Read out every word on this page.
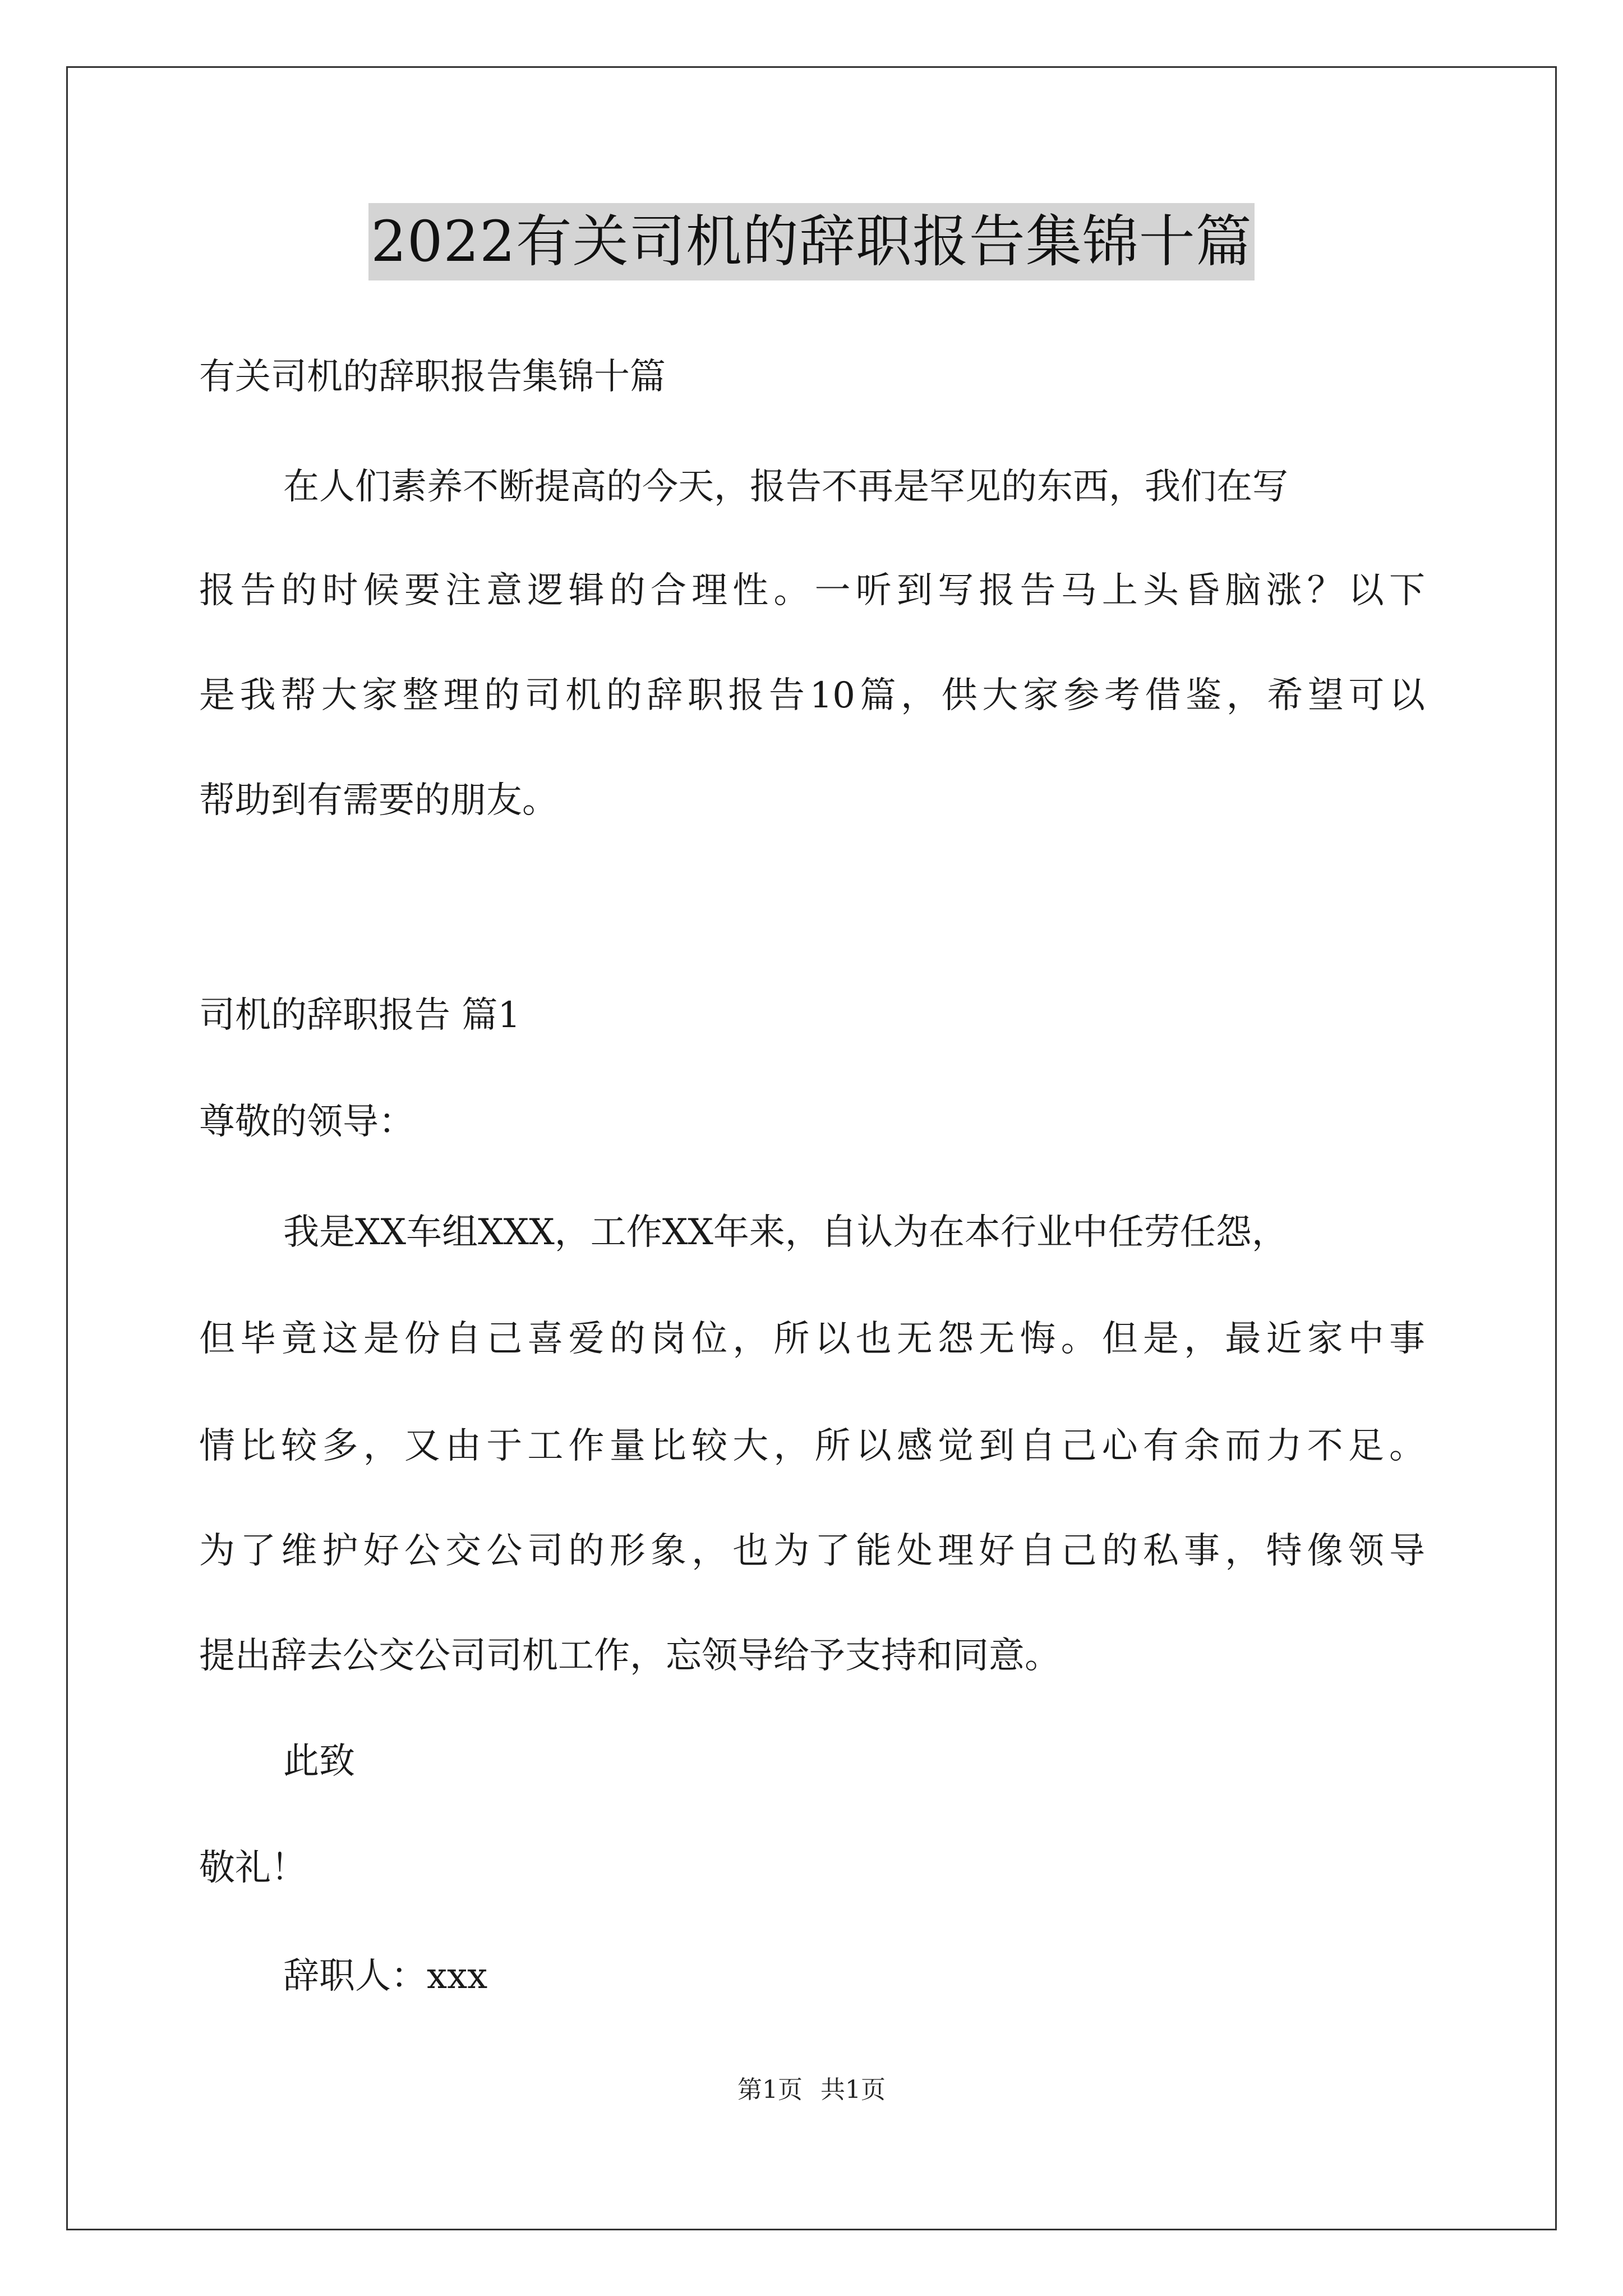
2022有关司机的辞职报告集锦十篇
有关司机的辞职报告集锦十篇
在人们素养不断提高的今天，报告不再是罕见的东西，我们在写
报告的时候要注意逻辑的合理性。一听到写报告马上头昏脑涨？以下
是我帮大家整理的司机的辞职报告10篇，供大家参考借鉴，希望可以
帮助到有需要的朋友。
司机的辞职报告 篇1
尊敬的领导：
我是XX车组XXX，工作XX年来，自认为在本行业中任劳任怨，
但毕竟这是份自己喜爱的岗位，所以也无怨无悔。但是，最近家中事
情比较多，又由于工作量比较大，所以感觉到自己心有余而力不足。
为了维护好公交公司的形象，也为了能处理好自己的私事，特像领导
提出辞去公交公司司机工作，忘领导给予支持和同意。
此致
敬礼！
辞职人：xxx
第1页 共1页
